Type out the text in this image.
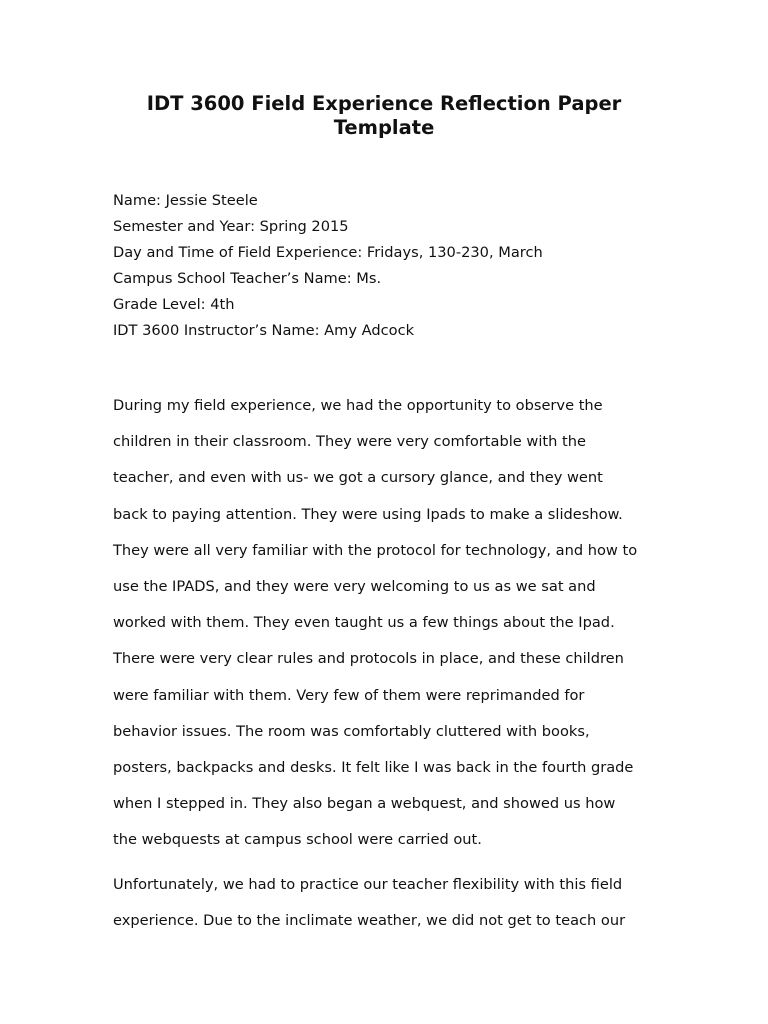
IDT 3600 Field Experience Reflection Paper
Template
Name: Jessie Steele
Semester and Year: Spring 2015
Day and Time of Field Experience: Fridays, 130-230, March
Campus School Teacher’s Name: Ms.
Grade Level: 4th
IDT 3600 Instructor’s Name: Amy Adcock

During my field experience, we had the opportunity to observe the
children in their classroom. They were very comfortable with the
teacher, and even with us- we got a cursory glance, and they went
back to paying attention. They were using Ipads to make a slideshow.
They were all very familiar with the protocol for technology, and how to
use the IPADS, and they were very welcoming to us as we sat and
worked with them. They even taught us a few things about the Ipad.
There were very clear rules and protocols in place, and these children
were familiar with them. Very few of them were reprimanded for
behavior issues. The room was comfortably cluttered with books,
posters, backpacks and desks. It felt like I was back in the fourth grade
when I stepped in. They also began a webquest, and showed us how
the webquests at campus school were carried out.

Unfortunately, we had to practice our teacher flexibility with this field
experience. Due to the inclimate weather, we did not get to teach our
